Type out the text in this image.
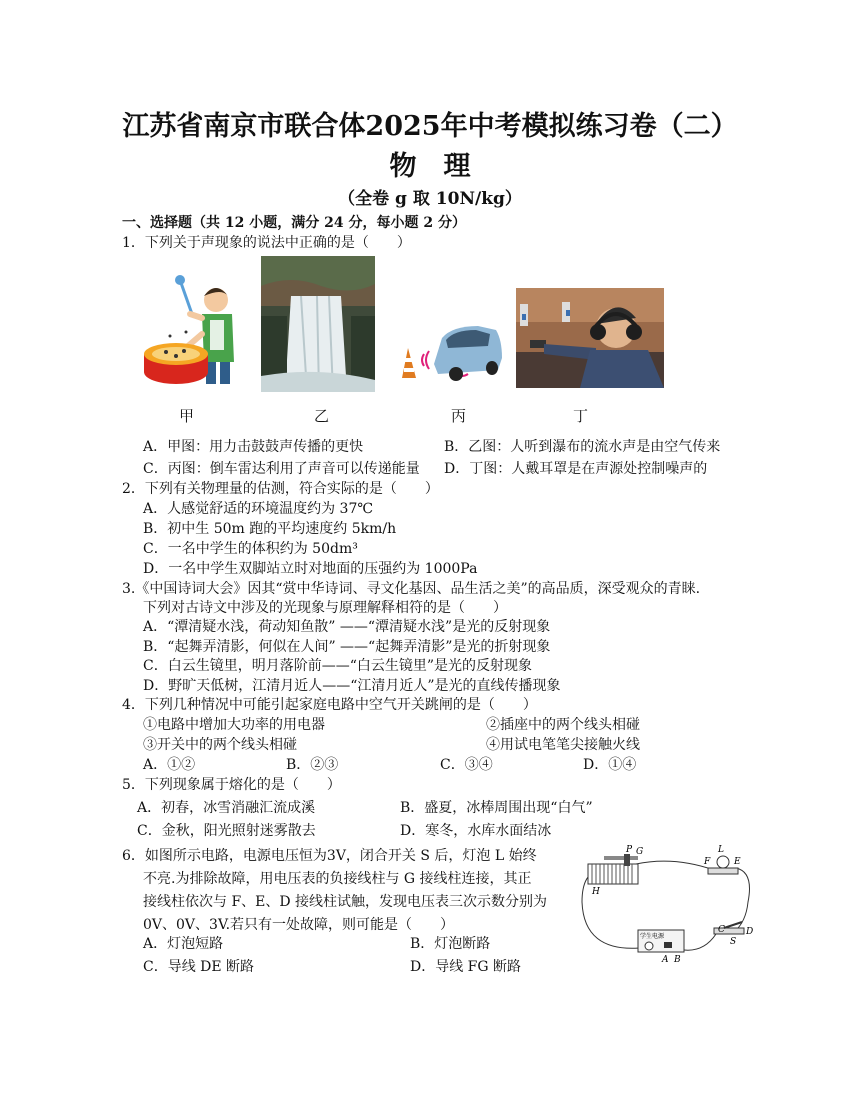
江苏省南京市联合体2025年中考模拟练习卷（二）
物　理
（全卷 g 取 10N/kg）
一、选择题（共 12 小题，满分 24 分，每小题 2 分）
1．下列关于声现象的说法中正确的是（　　）
甲	乙	丙	丁
A．甲图：用力击鼓鼓声传播的更快	B．乙图：人听到瀑布的流水声是由空气传来
C．丙图：倒车雷达利用了声音可以传递能量 D．丁图：人戴耳罩是在声源处控制噪声的
2．下列有关物理量的估测，符合实际的是（　　）
A．人感觉舒适的环境温度约为 37℃
B．初中生 50m 跑的平均速度约 5km/h
C．一名中学生的体积约为 50dm³
D．一名中学生双脚站立时对地面的压强约为 1000Pa
3.《中国诗词大会》因其“赏中华诗词、寻文化基因、品生活之美”的高品质，深受观众的青睐.
下列对古诗文中涉及的光现象与原理解释相符的是（　　）
A．“潭清疑水浅，荷动知鱼散” ——“潭清疑水浅”是光的反射现象
B．“起舞弄清影，何似在人间” ——“起舞弄清影”是光的折射现象
C．白云生镜里，明月落阶前——“白云生镜里”是光的反射现象
D．野旷天低树，江清月近人——“江清月近人”是光的直线传播现象
4．下列几种情况中可能引起家庭电路中空气开关跳闸的是（　　）
①电路中增加大功率的用电器	②插座中的两个线头相碰
③开关中的两个线头相碰	④用试电笔笔尖接触火线
A．①②	B．②③	C．③④	D．①④
5．下列现象属于熔化的是（　　）
A．初春，冰雪消融汇流成溪	B．盛夏，冰棒周围出现“白气”
C．金秋，阳光照射迷雾散去	D．寒冬，水库水面结冰
6．如图所示电路，电源电压恒为3V，闭合开关 S 后，灯泡 L 始终
不亮.为排除故障，用电压表的负接线柱与 G 接线柱连接，其正
接线柱依次与 F、E、D 接线柱试触，发现电压表三次示数分别为
0V、0V、3V.若只有一处故障，则可能是（　　）
A．灯泡短路	B．灯泡断路
C．导线 DE 断路	D．导线 FG 断路
P G
H
L
F	E
C D
S
学生电源
A B
